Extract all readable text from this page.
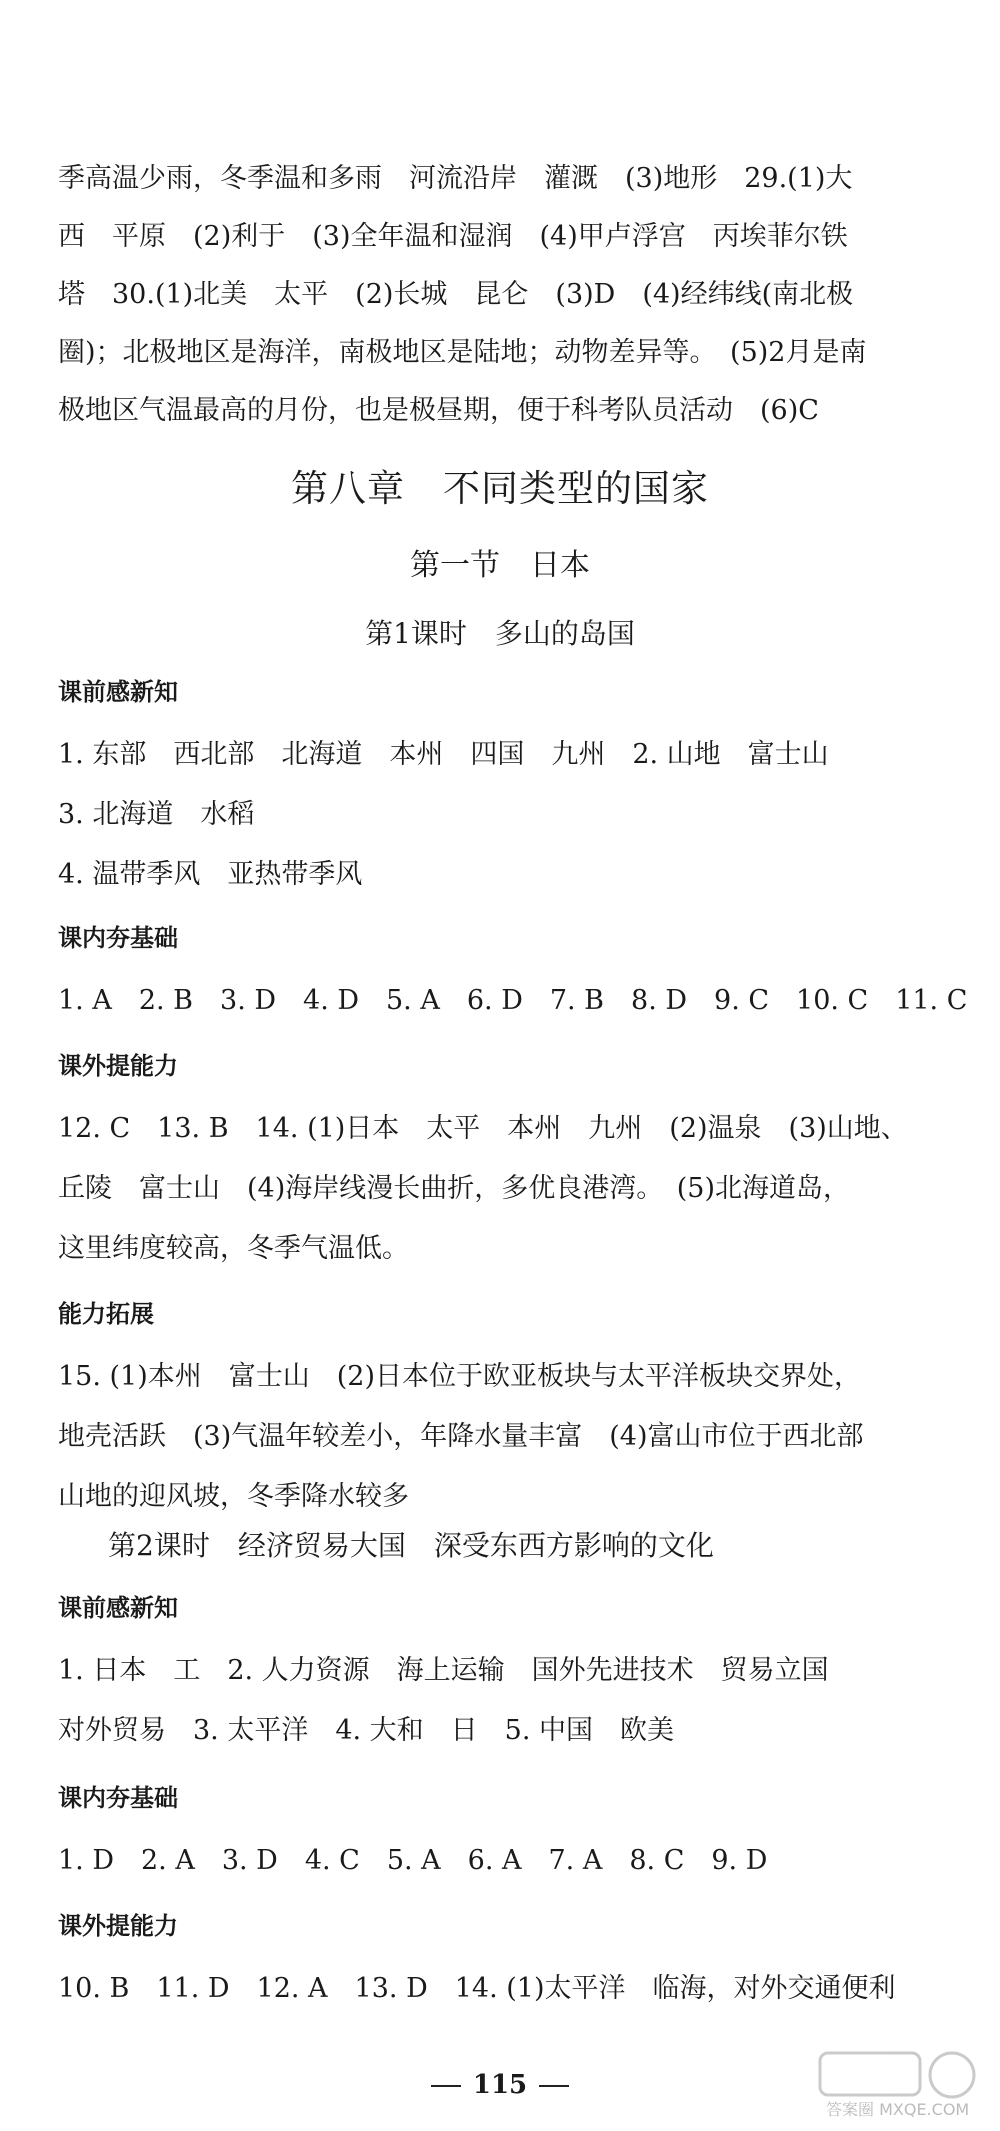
季高温少雨，冬季温和多雨　河流沿岸　灌溉　(3)地形　29.(1)大
西　平原　(2)利于　(3)全年温和湿润　(4)甲卢浮宫　丙埃菲尔铁
塔　30.(1)北美　太平　(2)长城　昆仑　(3)D　(4)经纬线(南北极
圈)；北极地区是海洋，南极地区是陆地；动物差异等。　(5)2月是南
极地区气温最高的月份，也是极昼期，便于科考队员活动　(6)C
第八章　不同类型的国家
第一节　日本
第1课时　多山的岛国
课前感新知
1. 东部　西北部　北海道　本州　四国　九州　2. 山地　富士山
3. 北海道　水稻
4. 温带季风　亚热带季风
课内夯基础
1. A　2. B　3. D　4. D　5. A　6. D　7. B　8. D　9. C　10. C　11. C
课外提能力
12. C　13. B　14. (1)日本　太平　本州　九州　(2)温泉　(3)山地、
丘陵　富士山　(4)海岸线漫长曲折，多优良港湾。　(5)北海道岛，
这里纬度较高，冬季气温低。
能力拓展
15. (1)本州　富士山　(2)日本位于欧亚板块与太平洋板块交界处，
地壳活跃　(3)气温年较差小，年降水量丰富　(4)富山市位于西北部
山地的迎风坡，冬季降水较多
第2课时　经济贸易大国　深受东西方影响的文化
课前感新知
1. 日本　工　2. 人力资源　海上运输　国外先进技术　贸易立国
对外贸易　3. 太平洋　4. 大和　日　5. 中国　欧美
课内夯基础
1. D　2. A　3. D　4. C　5. A　6. A　7. A　8. C　9. D
课外提能力
10. B　11. D　12. A　13. D　14. (1)太平洋　临海，对外交通便利
115
答案圈 MXQE.COM
